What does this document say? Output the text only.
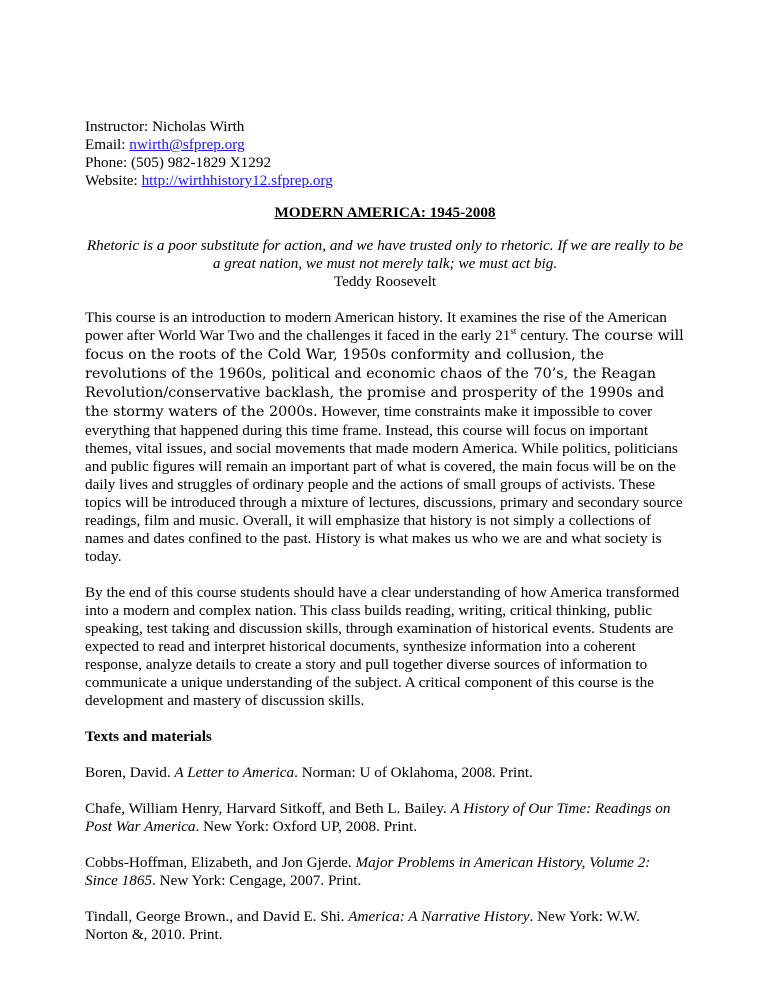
Instructor: Nicholas Wirth
Email: nwirth@sfprep.org
Phone: (505) 982-1829 X1292
Website: http://wirthhistory12.sfprep.org
MODERN AMERICA: 1945-2008
Rhetoric is a poor substitute for action, and we have trusted only to rhetoric. If we are really to be a great nation, we must not merely talk; we must act big.
Teddy Roosevelt

This course is an introduction to modern American history. It examines the rise of the American power after World War Two and the challenges it faced in the early 21st century. The course will focus on the roots of the Cold War, 1950s conformity and collusion, the revolutions of the 1960s, political and economic chaos of the 70’s, the Reagan Revolution/conservative backlash, the promise and prosperity of the 1990s and the stormy waters of the 2000s. However, time constraints make it impossible to cover everything that happened during this time frame. Instead, this course will focus on important themes, vital issues, and social movements that made modern America. While politics, politicians and public figures will remain an important part of what is covered, the main focus will be on the daily lives and struggles of ordinary people and the actions of small groups of activists. These topics will be introduced through a mixture of lectures, discussions, primary and secondary source readings, film and music. Overall, it will emphasize that history is not simply a collections of names and dates confined to the past. History is what makes us who we are and what society is today.

By the end of this course students should have a clear understanding of how America transformed into a modern and complex nation. This class builds reading, writing, critical thinking, public speaking, test taking and discussion skills, through examination of historical events. Students are expected to read and interpret historical documents, synthesize information into a coherent response, analyze details to create a story and pull together diverse sources of information to communicate a unique understanding of the subject. A critical component of this course is the development and mastery of discussion skills.

Texts and materials
Boren, David. A Letter to America. Norman: U of Oklahoma, 2008. Print.
Chafe, William Henry, Harvard Sitkoff, and Beth L. Bailey. A History of Our Time: Readings on Post War America. New York: Oxford UP, 2008. Print.
Cobbs-Hoffman, Elizabeth, and Jon Gjerde. Major Problems in American History, Volume 2: Since 1865. New York: Cengage, 2007. Print.
Tindall, George Brown., and David E. Shi. America: A Narrative History. New York: W.W. Norton &, 2010. Print.
